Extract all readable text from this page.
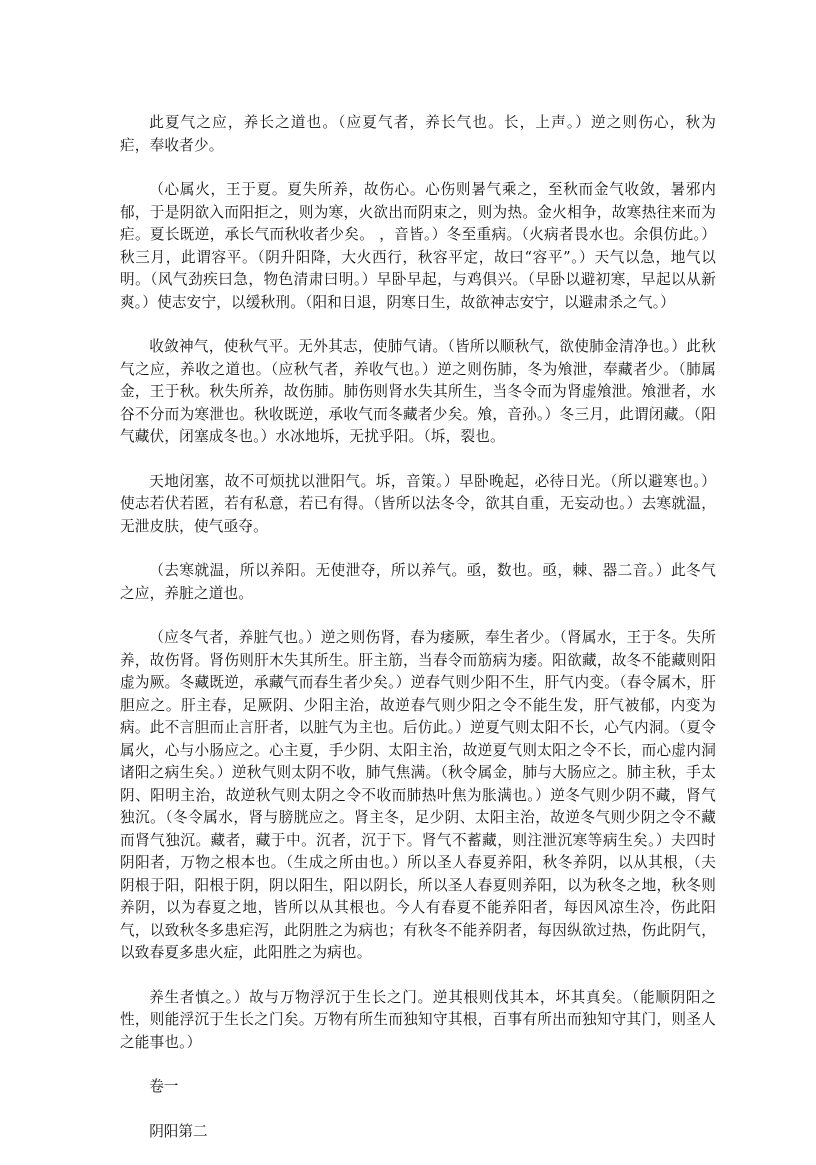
此夏气之应，养长之道也。（应夏气者，养长气也。长，上声。）逆之则伤心，秋为 疟，奉收者少。

（心属火，王于夏。夏失所养，故伤心。心伤则暑气乘之，至秋而金气收敛，暑邪内郁，于是阴欲入而阳拒之，则为寒，火欲出而阴束之，则为热。金火相争，故寒热往来而为 疟。夏长既逆，承长气而秋收者少矣。 ，音皆。）冬至重病。（火病者畏水也。余俱仿此。）秋三月，此谓容平。（阴升阳降，大火西行，秋容平定，故曰“容平”。）天气以急，地气以明。（风气劲疾曰急，物色清肃曰明。）早卧早起，与鸡俱兴。（早卧以避初寒，早起以从新爽。）使志安宁，以缓秋刑。（阳和日退，阴寒日生，故欲神志安宁，以避肃杀之气。）

收敛神气，使秋气平。无外其志，使肺气请。（皆所以顺秋气，欲使肺金清净也。）此秋气之应，养收之道也。（应秋气者，养收气也。）逆之则伤肺，冬为飧泄，奉藏者少。（肺属金，王于秋。秋失所养，故伤肺。肺伤则肾水失其所生，当冬令而为肾虚飧泄。飧泄者，水谷不分而为寒泄也。秋收既逆，承收气而冬藏者少矣。飧，音孙。）冬三月，此谓闭藏。（阳气藏伏，闭塞成冬也。）水冰地坼，无扰乎阳。（坼，裂也。

天地闭塞，故不可烦扰以泄阳气。坼，音策。）早卧晚起，必待日光。（所以避寒也。）使志若伏若匿，若有私意，若已有得。（皆所以法冬令，欲其自重，无妄动也。）去寒就温，无泄皮肤，使气亟夺。

（去寒就温，所以养阳。无使泄夺，所以养气。亟，数也。亟，棘、器二音。）此冬气之应，养脏之道也。

（应冬气者，养脏气也。）逆之则伤肾，春为痿厥，奉生者少。（肾属水，王于冬。失所养，故伤肾。肾伤则肝木失其所生。肝主筋，当春令而筋病为痿。阳欲藏，故冬不能藏则阳虚为厥。冬藏既逆，承藏气而春生者少矣。）逆春气则少阳不生，肝气内变。（春令属木，肝胆应之。肝主春，足厥阴、少阳主治，故逆春气则少阳之令不能生发，肝气被郁，内变为病。此不言胆而止言肝者，以脏气为主也。后仿此。）逆夏气则太阳不长，心气内洞。（夏令属火，心与小肠应之。心主夏，手少阴、太阳主治，故逆夏气则太阳之令不长，而心虚内洞诸阳之病生矣。）逆秋气则太阴不收，肺气焦满。（秋令属金，肺与大肠应之。肺主秋，手太阴、阳明主治，故逆秋气则太阴之令不收而肺热叶焦为胀满也。）逆冬气则少阴不藏，肾气独沉。（冬令属水，肾与膀胱应之。肾主冬，足少阴、太阳主治，故逆冬气则少阴之令不藏而肾气独沉。藏者，藏于中。沉者，沉于下。肾气不蓄藏，则注泄沉寒等病生矣。）夫四时阴阳者，万物之根本也。（生成之所由也。）所以圣人春夏养阳，秋冬养阴，以从其根，（夫阴根于阳，阳根于阴，阴以阳生，阳以阴长，所以圣人春夏则养阳，以为秋冬之地，秋冬则养阴，以为春夏之地，皆所以从其根也。今人有春夏不能养阳者，每因风凉生冷，伤此阳气，以致秋冬多患疟泻，此阴胜之为病也；有秋冬不能养阴者，每因纵欲过热，伤此阴气，以致春夏多患火症，此阳胜之为病也。

养生者慎之。）故与万物浮沉于生长之门。逆其根则伐其本，坏其真矣。（能顺阴阳之性，则能浮沉于生长之门矣。万物有所生而独知守其根，百事有所出而独知守其门，则圣人之能事也。）

卷一

阴阳第二
